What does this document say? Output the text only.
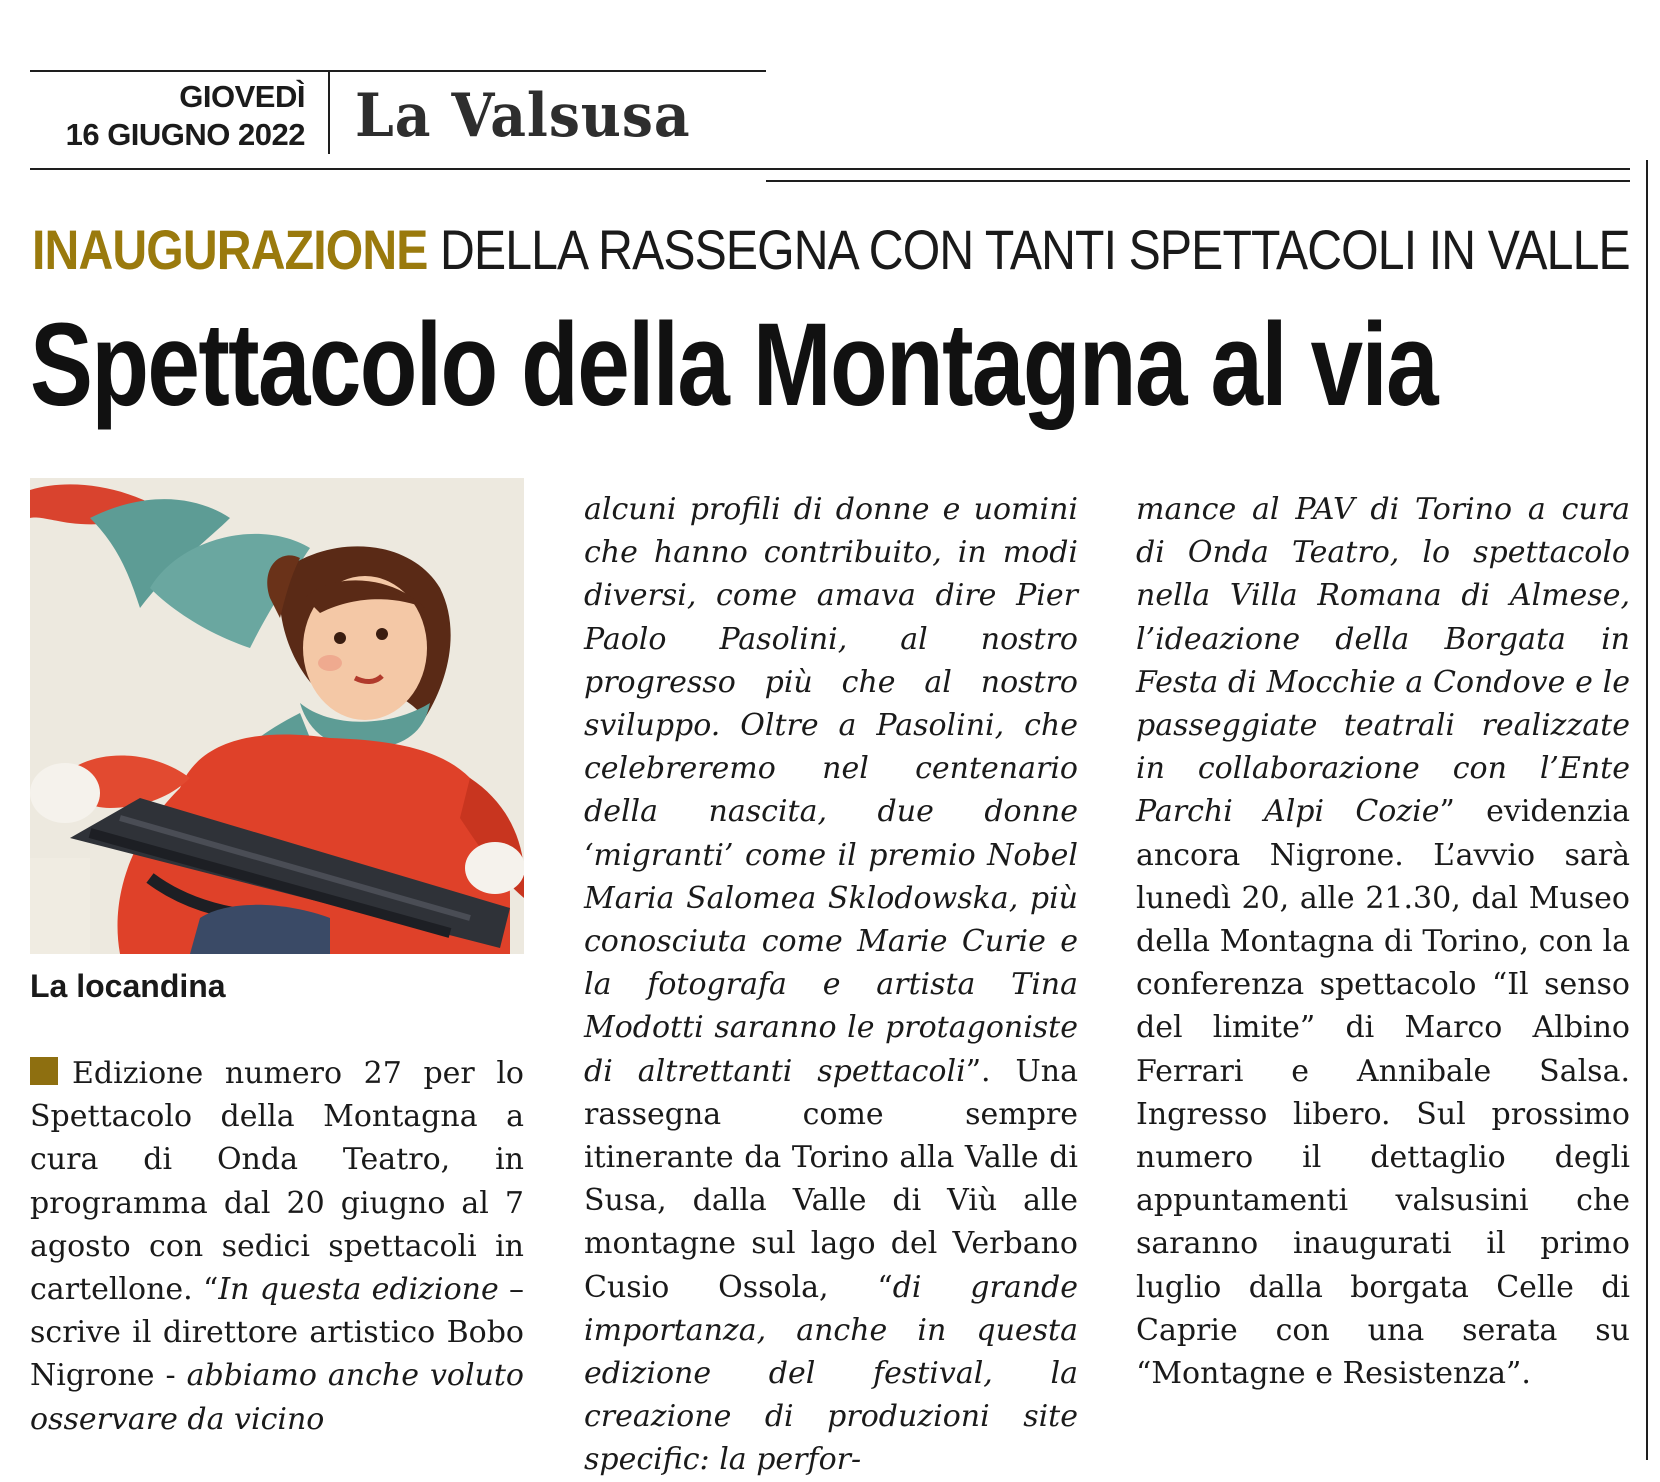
GIOVEDÌ
16 GIUGNO 2022 La Valsusa
INAUGURAZIONE DELLA RASSEGNA CON TANTI SPETTACOLI IN VALLE
Spettacolo della Montagna al via
La locandina

Edizione numero 27 per lo Spettacolo della Montagna a cura di Onda Teatro, in programma dal 20 giugno al 7 agosto con sedici spettacoli in cartellone. “In questa edizione – scrive il direttore artistico Bobo Nigrone - abbiamo anche voluto osservare da vicino

alcuni profili di donne e uomini che hanno contribuito, in modi diversi, come amava dire Pier Paolo Pasolini, al nostro progresso più che al nostro sviluppo. Oltre a Pasolini, che celebreremo nel centenario della nascita, due donne ‘migranti’ come il premio Nobel Maria Salomea Sklodowska, più conosciuta come Marie Curie e la fotografa e artista Tina Modotti saranno le protagoniste di altrettanti spettacoli”. Una rassegna come sempre itinerante da Torino alla Valle di Susa, dalla Valle di Viù alle montagne sul lago del Verbano Cusio Ossola, “di grande importanza, anche in questa edizione del festival, la creazione di produzioni site specific: la perfor-

mance al PAV di Torino a cura di Onda Teatro, lo spettacolo nella Villa Romana di Almese, l’ideazione della Borgata in Festa di Mocchie a Condove e le passeggiate teatrali realizzate in collaborazione con l’Ente Parchi Alpi Cozie” evidenzia ancora Nigrone. L’avvio sarà lunedì 20, alle 21.30, dal Museo della Montagna di Torino, con la conferenza spettacolo “Il senso del limite” di Marco Albino Ferrari e Annibale Salsa. Ingresso libero. Sul prossimo numero il dettaglio degli appuntamenti valsusini che saranno inaugurati il primo luglio dalla borgata Celle di Caprie con una serata su “Montagne e Resistenza”.
